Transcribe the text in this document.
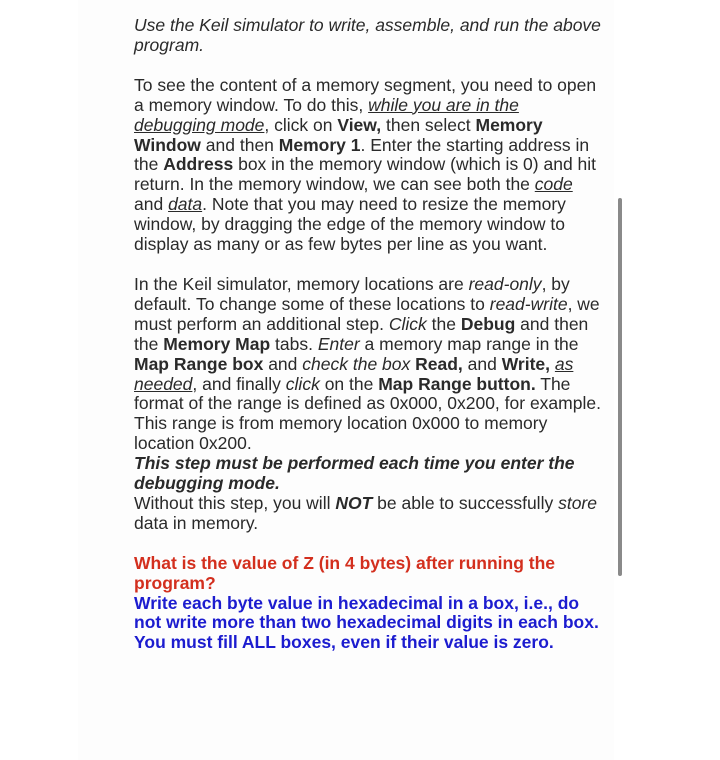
Use the Keil simulator to write, assemble, and run the above program.

To see the content of a memory segment, you need to open a memory window. To do this, while you are in the debugging mode, click on View, then select Memory Window and then Memory 1. Enter the starting address in the Address box in the memory window (which is 0) and hit return. In the memory window, we can see both the code and data. Note that you may need to resize the memory window, by dragging the edge of the memory window to display as many or as few bytes per line as you want.

In the Keil simulator, memory locations are read-only, by default. To change some of these locations to read-write, we must perform an additional step. Click the Debug and then the Memory Map tabs. Enter a memory map range in the Map Range box and check the box Read, and Write, as needed, and finally click on the Map Range button. The format of the range is defined as 0x000, 0x200, for example. This range is from memory location 0x000 to memory location 0x200.
This step must be performed each time you enter the debugging mode.
Without this step, you will NOT be able to successfully store data in memory.

What is the value of Z (in 4 bytes) after running the program?

Write each byte value in hexadecimal in a box, i.e., do not write more than two hexadecimal digits in each box. You must fill ALL boxes, even if their value is zero.
